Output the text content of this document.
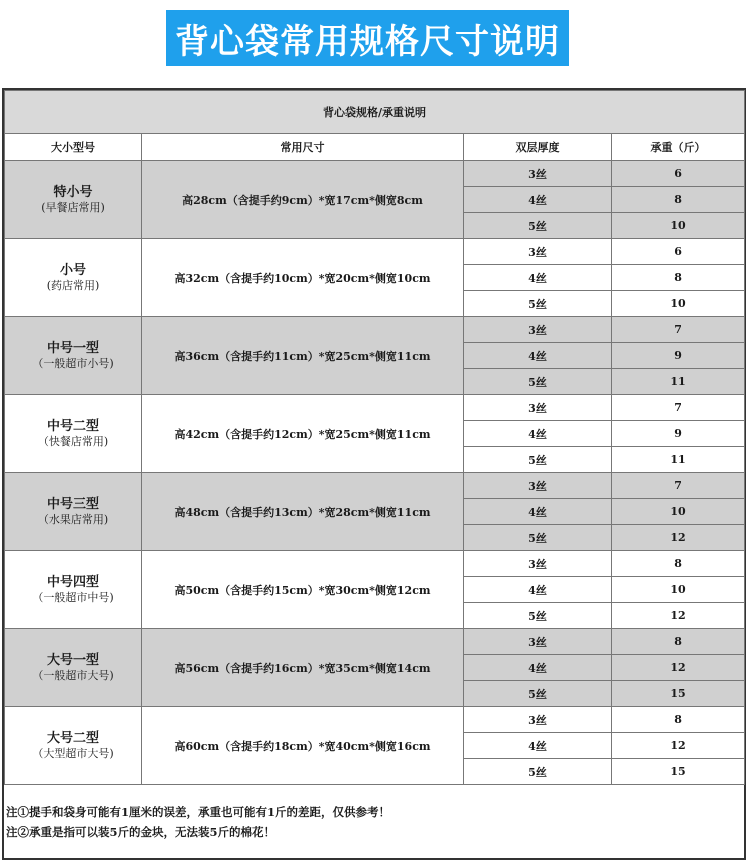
背心袋常用规格尺寸说明
背心袋规格/承重说明			
大小型号	常用尺寸	双层厚度	承重（斤）

特小号
(早餐店常用)	高28cm（含提手约9cm）*宽17cm*侧宽8cm	3丝	6
		4丝	8
		5丝	10

小号
(药店常用)	高32cm（含提手约10cm）*宽20cm*侧宽10cm	3丝	6
		4丝	8
		5丝	10

中号一型
（一般超市小号)	高36cm（含提手约11cm）*宽25cm*侧宽11cm	3丝	7
		4丝	9
		5丝	11

中号二型
（快餐店常用)	高42cm（含提手约12cm）*宽25cm*侧宽11cm	3丝	7
		4丝	9
		5丝	11

中号三型
（水果店常用)	高48cm（含提手约13cm）*宽28cm*侧宽11cm	3丝	7
		4丝	10
		5丝	12

中号四型
（一般超市中号)	高50cm（含提手约15cm）*宽30cm*侧宽12cm	3丝	8
		4丝	10
		5丝	12

大号一型
（一般超市大号)	高56cm（含提手约16cm）*宽35cm*侧宽14cm	3丝	8
		4丝	12
		5丝	15

大号二型
（大型超市大号)	高60cm（含提手约18cm）*宽40cm*侧宽16cm	3丝	8
		4丝	12
		5丝	15
注①提手和袋身可能有1厘米的误差，承重也可能有1斤的差距，仅供参考！
注②承重是指可以装5斤的金块，无法装5斤的棉花！
